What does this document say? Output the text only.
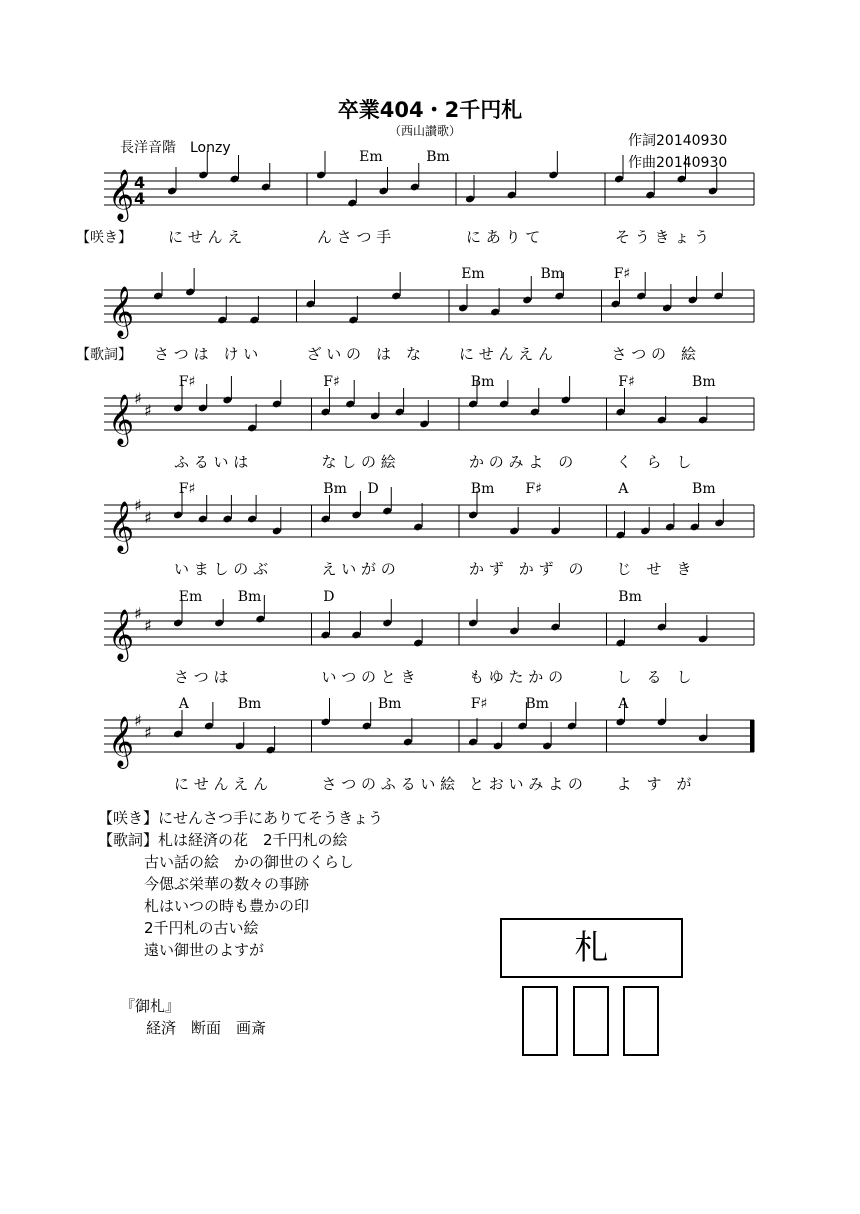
卒業404・2千円札
（西山讃歌）
長洋音階　Lonzy	作詞20140930
作曲20140930
𝄞 4
4
Em	Bm
【咲き】 に せ ん え	ん さ つ 手	に あ り て	そ う き ょ う
𝄞
Em	Bm	F♯
【歌詞】 さ つ は　け い	ざ い の　は　な	に せ ん え ん	さ つ の　絵
𝄞 ♯
♯
F♯	F♯	Bm	F♯	Bm
ふ る い は	な し の 絵	か の み よ　の	く　ら　し
𝄞 ♯
♯
F♯	Bm D	Bm F♯	A	Bm
い ま し の ぶ	え い が の	か ず　か ず　の じ　せ　き
𝄞 ♯
♯
Em	Bm	D	Bm
さ つ は	い つ の と き	も ゆ た か の	し　る　し
𝄞 ♯
♯
A	Bm	Bm	F♯	Bm	A
に せ ん え ん	さ つ の ふ る い 絵 と お い み よ の よ　す　が
【咲き】にせんさつ手にありてそうきょう
【歌詞】札は経済の花　2千円札の絵
古い話の絵　かの御世のくらし
今偲ぶ栄華の数々の事跡
札はいつの時も豊かの印
2千円札の古い絵
遠い御世のよすが
『御札』
経済　断面　画斎
札
